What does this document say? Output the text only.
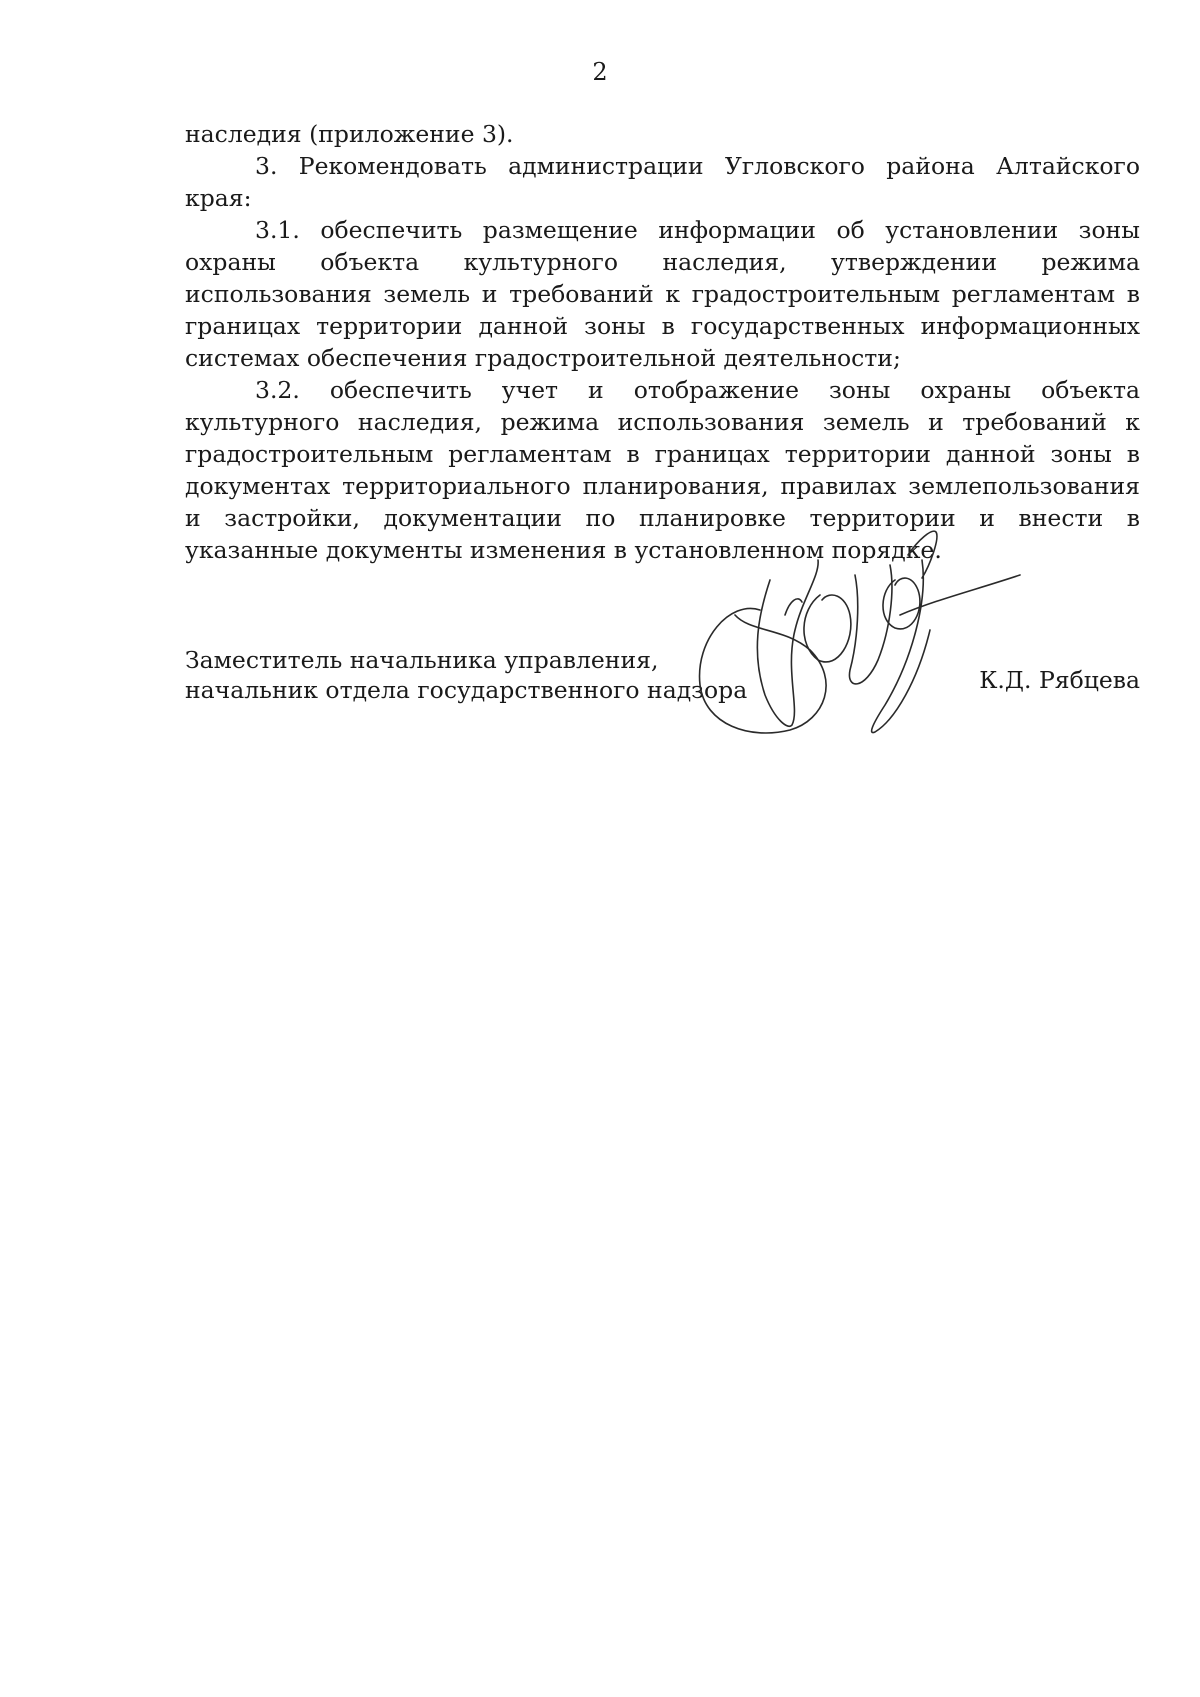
2

наследия (приложение 3).

3. Рекомендовать администрации Угловского района Алтайского края:

3.1. обеспечить размещение информации об установлении зоны охраны объекта культурного наследия, утверждении режима использования земель и требований к градостроительным регламентам в границах территории данной зоны в государственных информационных системах обеспечения градостроительной деятельности;

3.2. обеспечить учет и отображение зоны охраны объекта культурного наследия, режима использования земель и требований к градостроительным регламентам в границах территории данной зоны в документах территориального планирования, правилах землепользования и застройки, документации по планировке территории и внести в указанные документы изменения в установленном порядке.

Заместитель начальника управления,
начальник отдела государственного надзора	К.Д. Рябцева
